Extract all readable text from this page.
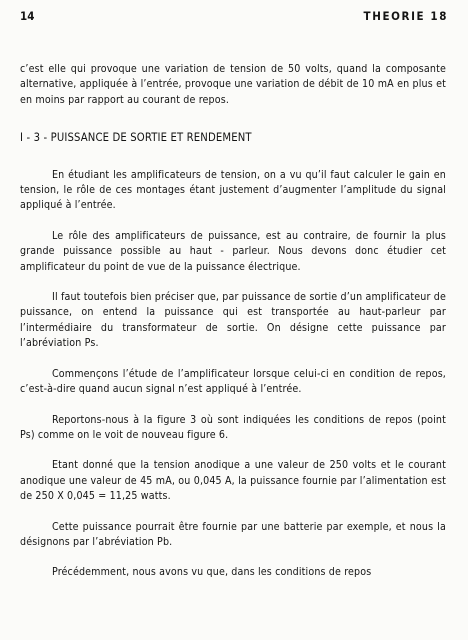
14	THEORIE 18

c’est elle qui provoque une variation de tension de 50 volts, quand la composante alternative, appliquée à l’entrée, provoque une variation de débit de 10 mA en plus et en moins par rapport au courant de repos.

I - 3 - PUISSANCE DE SORTIE ET RENDEMENT

En étudiant les amplificateurs de tension, on a vu qu’il faut calculer le gain en tension, le rôle de ces montages étant justement d’augmenter l’amplitude du signal appliqué à l’entrée.

Le rôle des amplificateurs de puissance, est au contraire, de fournir la plus grande puissance possible au haut - parleur. Nous devons donc étudier cet amplificateur du point de vue de la puissance électrique.

Il faut toutefois bien préciser que, par puissance de sortie d’un amplificateur de puissance, on entend la puissance qui est transportée au haut-parleur par l’intermédiaire du transformateur de sortie. On désigne cette puissance par l’abréviation Ps.

Commençons l’étude de l’amplificateur lorsque celui-ci en condition de repos, c’est-à-dire quand aucun signal n’est appliqué à l’entrée.

Reportons-nous à la figure 3 où sont indiquées les conditions de repos (point Ps) comme on le voit de nouveau figure 6.

Etant donné que la tension anodique a une valeur de 250 volts et le courant anodique une valeur de 45 mA, ou 0,045 A, la puissance fournie par l’alimentation est de 250 X 0,045 = 11,25 watts.

Cette puissance pourrait être fournie par une batterie par exemple, et nous la désignons par l’abréviation Pb.

Précédemment, nous avons vu que, dans les conditions de repos
